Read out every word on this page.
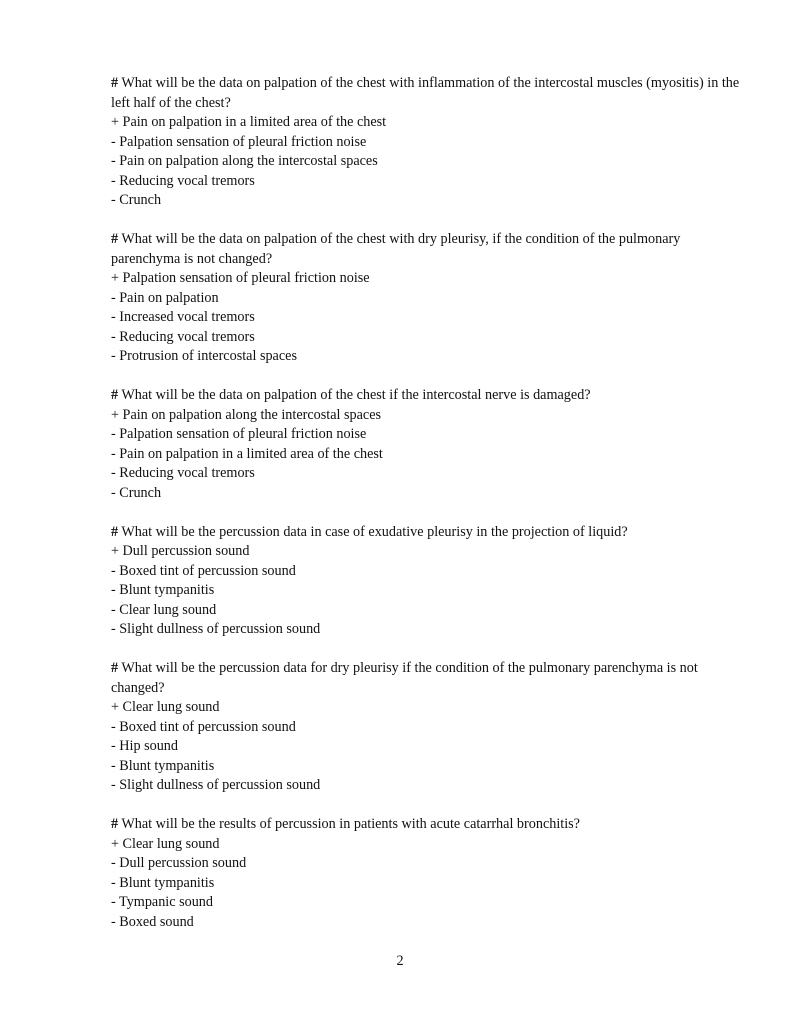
# What will be the data on palpation of the chest with inflammation of the intercostal muscles (myositis) in the left half of the chest?
+ Pain on palpation in a limited area of the chest
- Palpation sensation of pleural friction noise
- Pain on palpation along the intercostal spaces
- Reducing vocal tremors
- Crunch
# What will be the data on palpation of the chest with dry pleurisy, if the condition of the pulmonary parenchyma is not changed?
+ Palpation sensation of pleural friction noise
- Pain on palpation
- Increased vocal tremors
- Reducing vocal tremors
- Protrusion of intercostal spaces
# What will be the data on palpation of the chest if the intercostal nerve is damaged?
+ Pain on palpation along the intercostal spaces
- Palpation sensation of pleural friction noise
- Pain on palpation in a limited area of the chest
- Reducing vocal tremors
- Crunch
# What will be the percussion data in case of exudative pleurisy in the projection of liquid?
+ Dull percussion sound
- Boxed tint of percussion sound
- Blunt tympanitis
- Clear lung sound
- Slight dullness of percussion sound
# What will be the percussion data for dry pleurisy if the condition of the pulmonary parenchyma is not changed?
+ Clear lung sound
- Boxed tint of percussion sound
- Hip sound
- Blunt tympanitis
- Slight dullness of percussion sound
# What will be the results of percussion in patients with acute catarrhal bronchitis?
+ Clear lung sound
- Dull percussion sound
- Blunt tympanitis
- Tympanic sound
- Boxed sound
2
